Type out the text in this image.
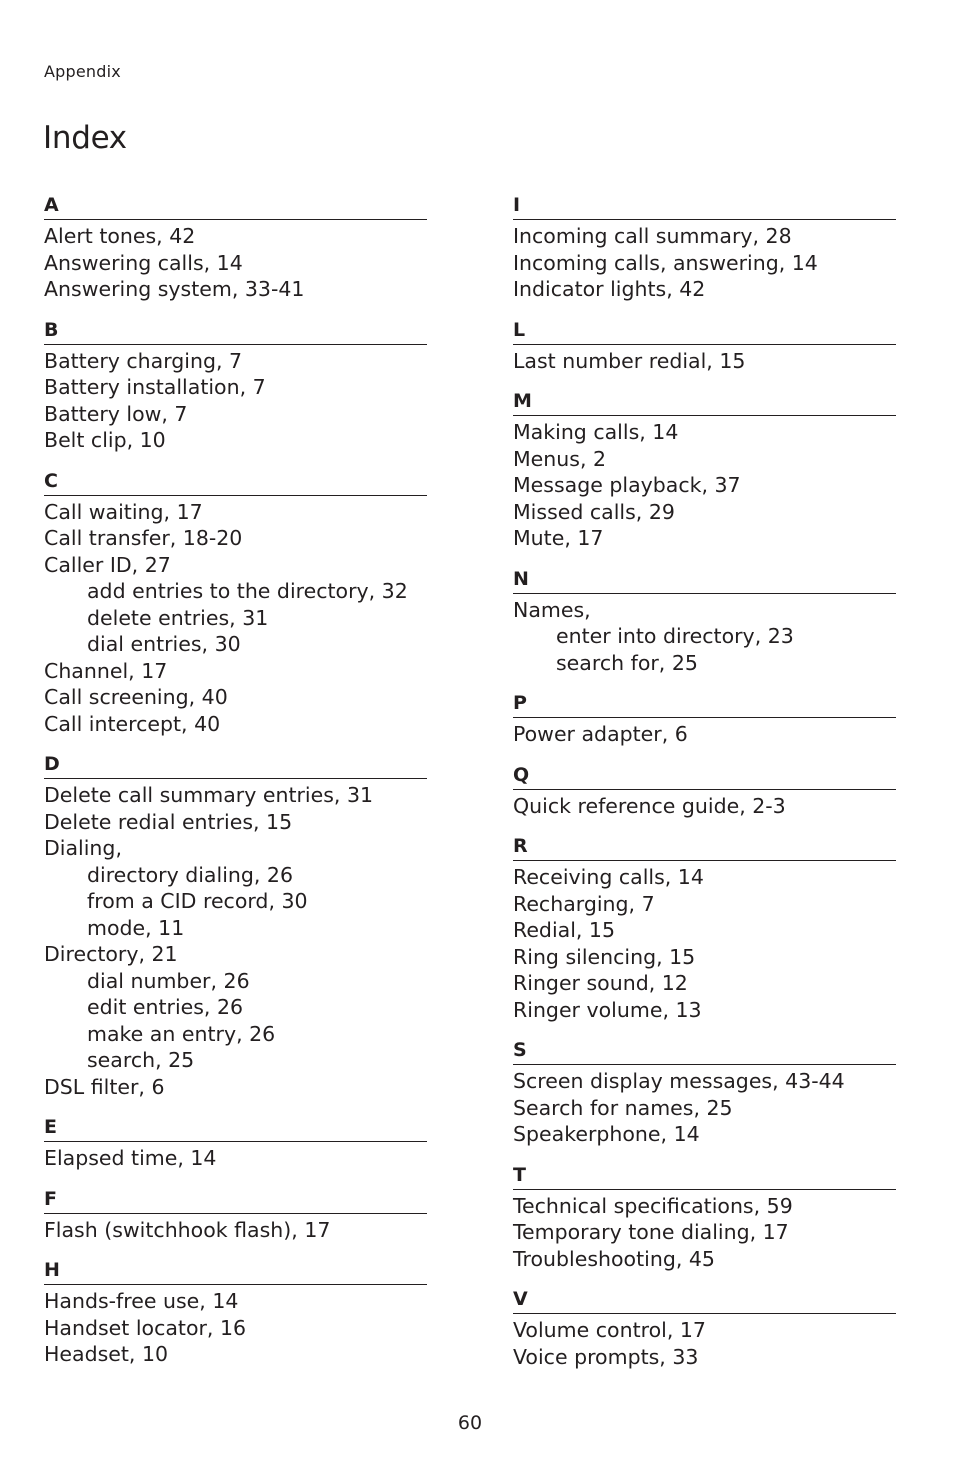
Appendix
Index
A
Alert tones, 42
Answering calls, 14
Answering system, 33-41
B
Battery charging, 7
Battery installation, 7
Battery low, 7
Belt clip, 10
C
Call waiting, 17
Call transfer, 18-20
Caller ID, 27
add entries to the directory, 32
delete entries, 31
dial entries, 30
Channel, 17
Call screening, 40
Call intercept, 40
D
Delete call summary entries, 31
Delete redial entries, 15
Dialing,
directory dialing, 26
from a CID record, 30
mode, 11
Directory, 21
dial number, 26
edit entries, 26
make an entry, 26
search, 25
DSL filter, 6
E
Elapsed time, 14
F
Flash (switchhook flash), 17
H
Hands-free use, 14
Handset locator, 16
Headset, 10
I
Incoming call summary, 28
Incoming calls, answering, 14
Indicator lights, 42
L
Last number redial, 15
M
Making calls, 14
Menus, 2
Message playback, 37
Missed calls, 29
Mute, 17
N
Names,
enter into directory, 23
search for, 25
P
Power adapter, 6
Q
Quick reference guide, 2-3
R
Receiving calls, 14
Recharging, 7
Redial, 15
Ring silencing, 15
Ringer sound, 12
Ringer volume, 13
S
Screen display messages, 43-44
Search for names, 25
Speakerphone, 14
T
Technical specifications, 59
Temporary tone dialing, 17
Troubleshooting, 45
V
Volume control, 17
Voice prompts, 33
60
